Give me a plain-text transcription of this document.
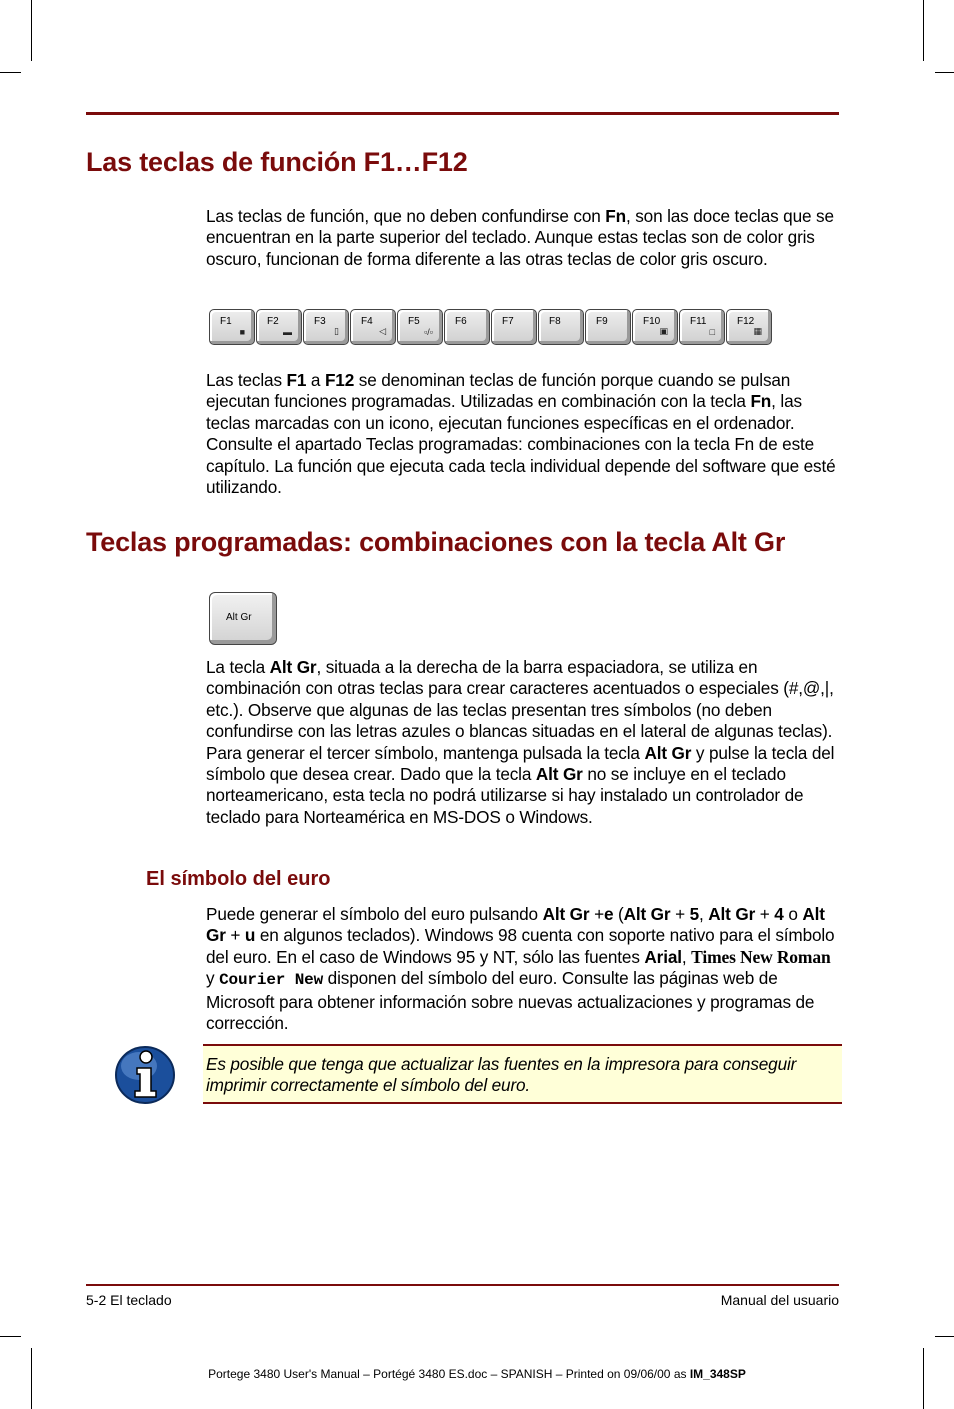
Las teclas de función F1…F12

Las teclas de función, que no deben confundirse con Fn, son las doce teclas que se encuentran en la parte superior del teclado. Aunque estas teclas son de color gris oscuro, funcionan de forma diferente a las otras teclas de color gris oscuro.

F1
■
F2
▬
F3
▯
F4
◁
F5
▫/▫
F6	F7	F8	F9	F10
▣
F11
□
F12
▦

Las teclas F1 a F12 se denominan teclas de función porque cuando se pulsan ejecutan funciones programadas. Utilizadas en combinación con la tecla Fn, las teclas marcadas con un icono, ejecutan funciones específicas en el ordenador. Consulte el apartado Teclas programadas: combinaciones con la tecla Fn de este capítulo. La función que ejecuta cada tecla individual depende del software que esté utilizando.

Teclas programadas: combinaciones con la tecla Alt Gr
Alt Gr

La tecla Alt Gr, situada a la derecha de la barra espaciadora, se utiliza en combinación con otras teclas para crear caracteres acentuados o especiales (#,@,|, etc.). Observe que algunas de las teclas presentan tres símbolos (no deben confundirse con las letras azules o blancas situadas en el lateral de algunas teclas). Para generar el tercer símbolo, mantenga pulsada la tecla Alt Gr y pulse la tecla del símbolo que desea crear. Dado que la tecla Alt Gr no se incluye en el teclado norteamericano, esta tecla no podrá utilizarse si hay instalado un controlador de teclado para Norteamérica en MS-DOS o Windows.

El símbolo del euro

Puede generar el símbolo del euro pulsando Alt Gr +e (Alt Gr + 5, Alt Gr + 4 o Alt Gr + u en algunos teclados). Windows 98 cuenta con soporte nativo para el símbolo del euro. En el caso de Windows 95 y NT, sólo las fuentes Arial, Times New Roman y Courier New disponen del símbolo del euro. Consulte las páginas web de Microsoft para obtener información sobre nuevas actualizaciones y programas de corrección.

Es posible que tenga que actualizar las fuentes en la impresora para conseguir imprimir correctamente el símbolo del euro.

5-2 El teclado	Manual del usuario
Portege 3480 User's Manual – Portégé 3480 ES.doc – SPANISH – Printed on 09/06/00 as IM_348SP
